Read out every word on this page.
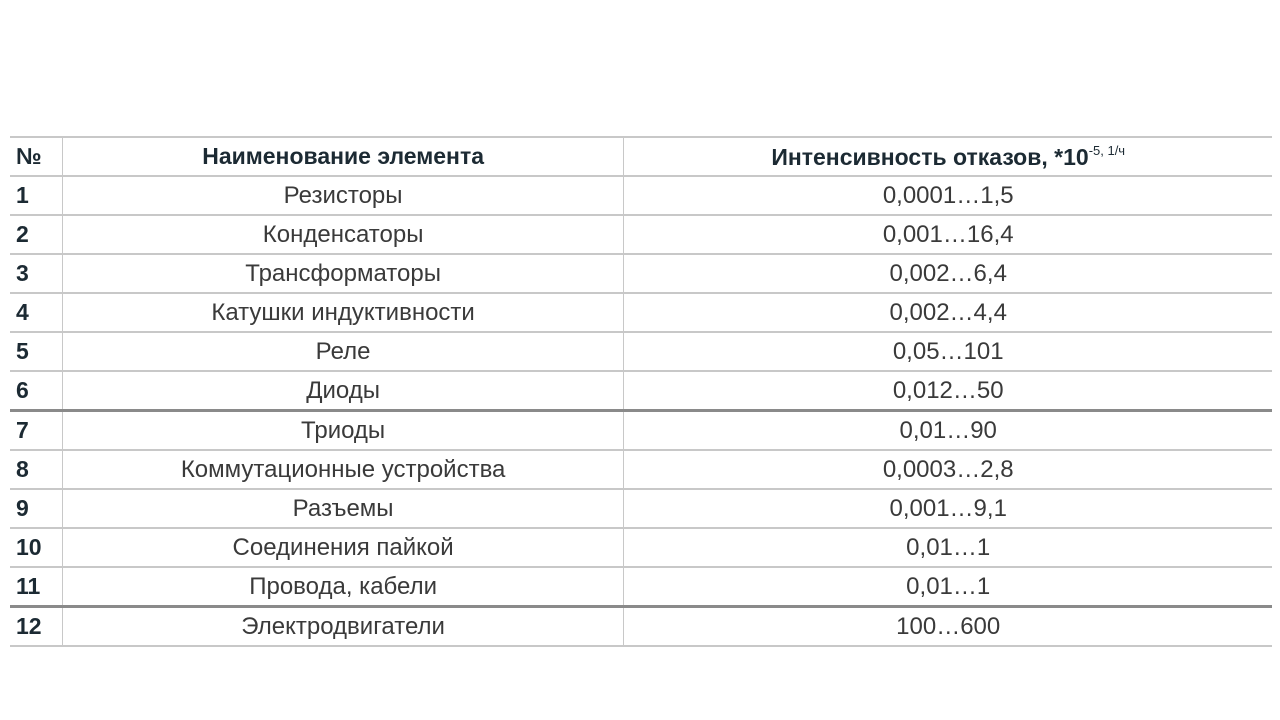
№	Наименование элемента	Интенсивность отказов, $*10^{-5, 1/ч}$
1	Резисторы	0,0001…1,5
2	Конденсаторы	0,001…16,4
3	Трансформаторы	0,002…6,4
4	Катушки индуктивности	0,002…4,4
5	Реле	0,05…101
6	Диоды	0,012…50
7	Триоды	0,01…90
8	Коммутационные устройства	0,0003…2,8
9	Разъемы	0,001…9,1
10	Соединения пайкой	0,01…1
11	Провода, кабели	0,01…1
12	Электродвигатели	100…600
